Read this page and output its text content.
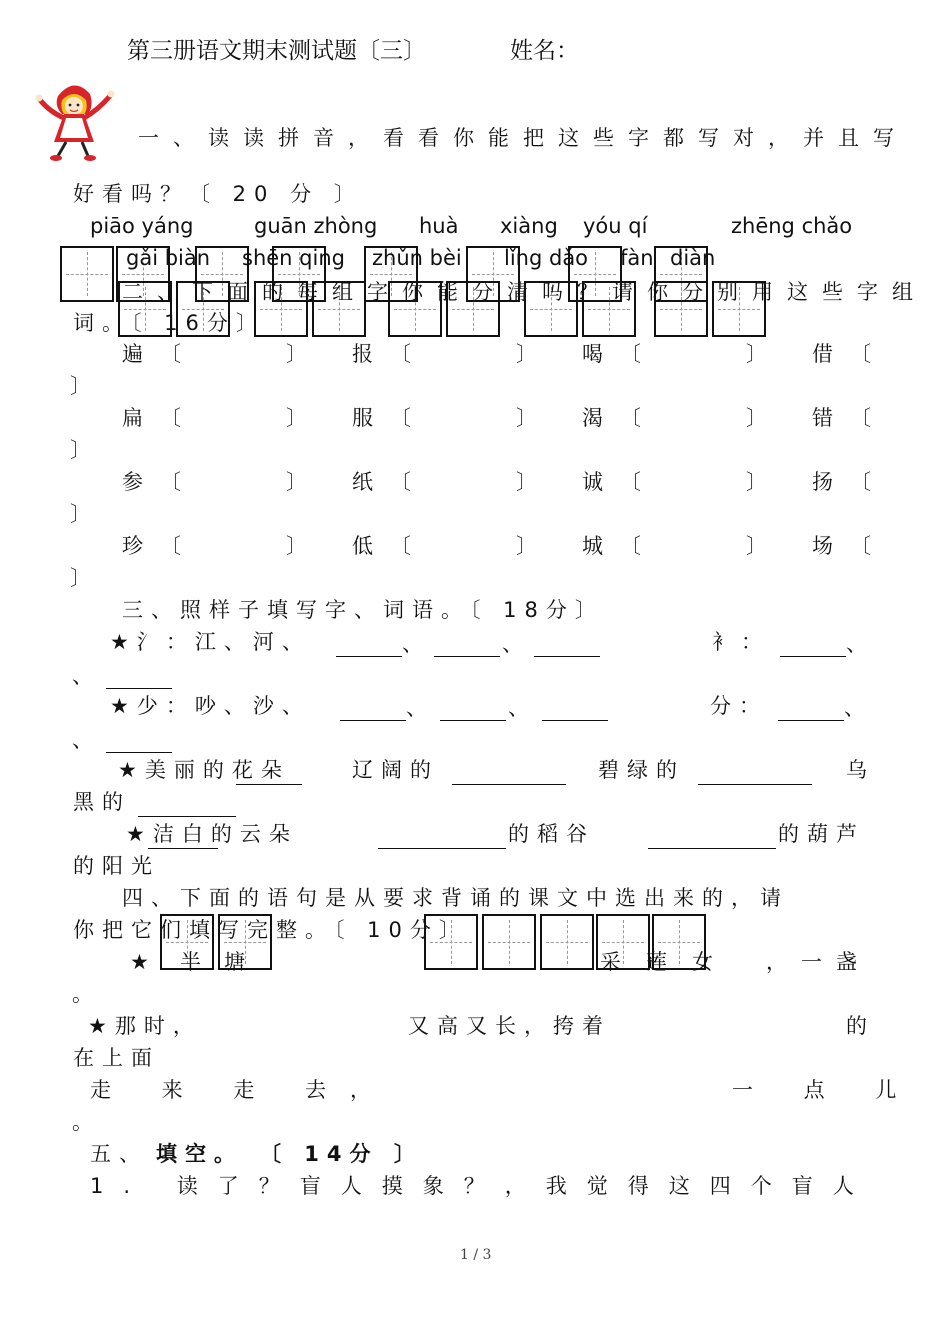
第三册语文期末测试题〔三〕	姓名：
一、读读拼音，看看你能把这些字都写对，并且写
好看吗？〔 20 分 〕
piāo yáng	guān zhòng huà xiàng yóu qí	zhēng chǎo
gǎi biàn shēn qing zhǔn bèi lǐng dǎo fàn diàn
二、下面的每组字你能分清吗？请你分别用这些字组
词。〔 16分〕
遍 〔	〕 报 〔	〕 喝 〔	〕 借 〔
〕
扁 〔	〕 服 〔	〕 渴 〔	〕 错 〔
〕
参 〔	〕 纸 〔	〕 诚 〔	〕 扬 〔
〕
珍 〔	〕 低 〔	〕 城 〔	〕 场 〔
〕
三、照样子填写字、词语。〔 18分〕
★氵：江、河、	、	、	衤：	、
、
★少：吵、沙、	、	、	分：	、
、
★美丽的花朵	辽阔的	碧绿的	乌
黑的
★洁白的云朵	的稻谷	的葫芦
的阳光
四、下面的语句是从要求背诵的课文中选出来的，请
你把它们填写完整。〔 10分〕
★ 半 塘	采 莲 女	，一盏
。
★那时，	又高又长，挎着	的
在上面
走 来 走 去 ，	一 点 儿
。
五、 填空。 〔 14分 〕
1. 读了？盲人摸象？，我觉得这四个盲人
1 / 3
